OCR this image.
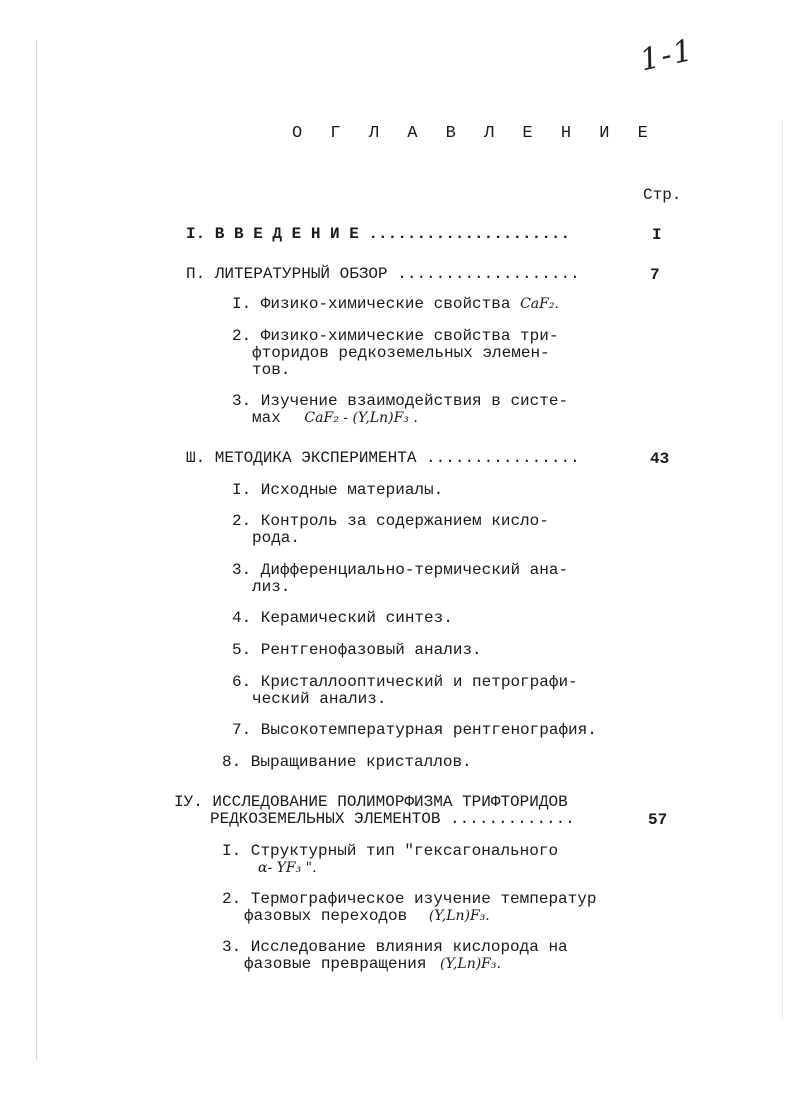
1-1
О Г Л А В Л Е Н И Е
Стр.
I. В В Е Д Е Н И Е .....................	I
П. ЛИТЕРАТУРНЫЙ ОБЗОР ...................	7
I. Физико-химические свойства CaF₂.
2. Физико-химические свойства три-
фторидов редкоземельных элемен-
тов.
3. Изучение взаимодействия в систе-
мах CaF₂ - (Y,Ln)F₃ .
Ш. МЕТОДИКА ЭКСПЕРИМЕНТА ................	43
I. Исходные материалы.
2. Контроль за содержанием кисло-
рода.
3. Дифференциально-термический ана-
лиз.
4. Керамический синтез.
5. Рентгенофазовый анализ.
6. Кристаллооптический и петрографи-
ческий анализ.
7. Высокотемпературная рентгенография.
8. Выращивание кристаллов.
IУ. ИССЛЕДОВАНИЕ ПОЛИМОРФИЗМА ТРИФТОРИДОВ
РЕДКОЗЕМЕЛЬНЫХ ЭЛЕМЕНТОВ .............	57
I. Структурный тип "гексагонального
α- YF₃ ".
2. Термографическое изучение температур
фазовых переходов (Y,Ln)F₃.
3. Исследование влияния кислорода на
фазовые превращения (Y,Ln)F₃.
